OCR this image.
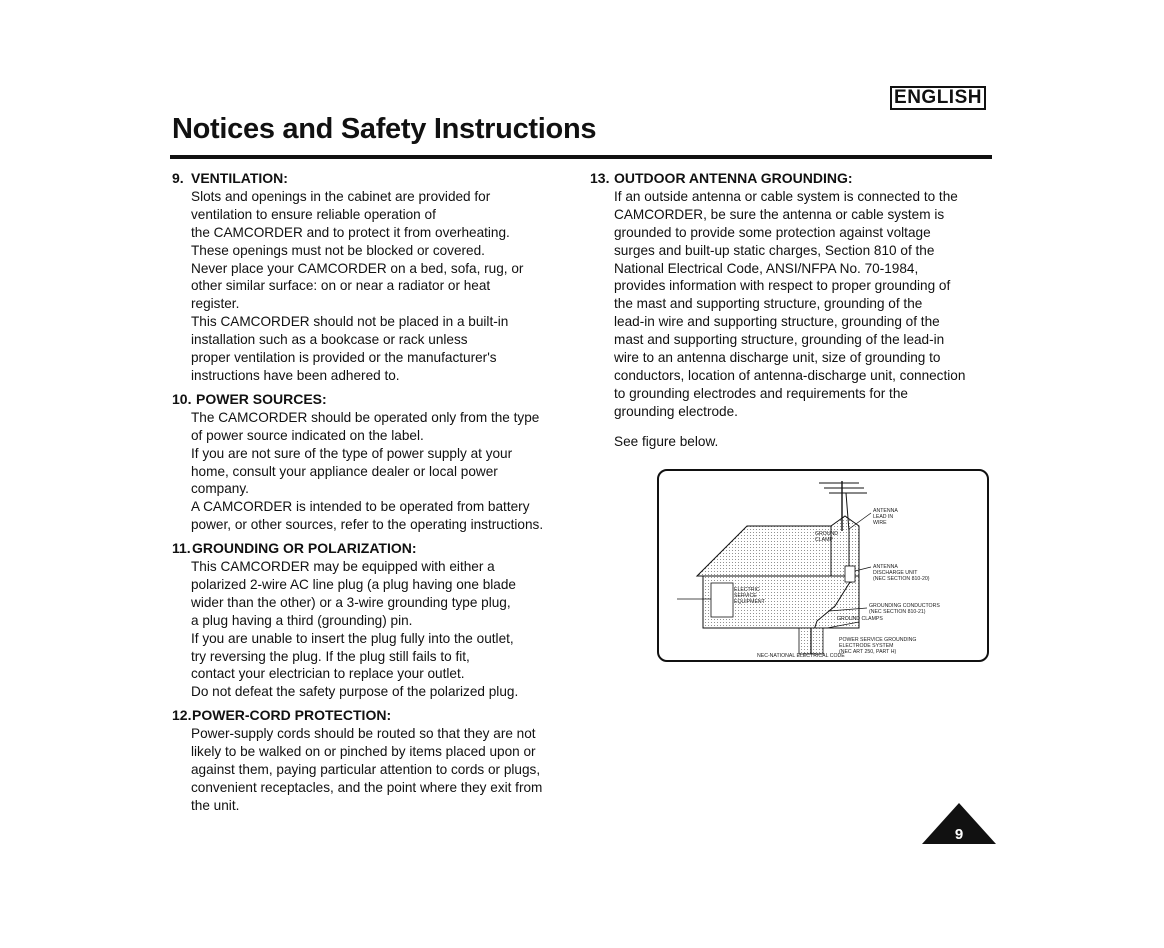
ENGLISH
Notices and Safety Instructions
9. VENTILATION:
Slots and openings in the cabinet are provided for
ventilation to ensure reliable operation of
the CAMCORDER and to protect it from overheating.
These openings must not be blocked or covered.
Never place your CAMCORDER on a bed, sofa, rug, or
other similar surface: on or near a radiator or heat
register.
This CAMCORDER should not be placed in a built-in
installation such as a bookcase or rack unless
proper ventilation is provided or the manufacturer's
instructions have been adhered to.
10. POWER SOURCES:
The CAMCORDER should be operated only from the type
of power source indicated on the label.
If you are not sure of the type of power supply at your
home, consult your appliance dealer or local power
company.
A CAMCORDER is intended to be operated from battery
power, or other sources, refer to the operating instructions.
11. GROUNDING OR POLARIZATION:
This CAMCORDER may be equipped with either a
polarized 2-wire AC line plug (a plug having one blade
wider than the other) or a 3-wire grounding type plug,
a plug having a third (grounding) pin.
If you are unable to insert the plug fully into the outlet,
try reversing the plug. If the plug still fails to fit,
contact your electrician to replace your outlet.
Do not defeat the safety purpose of the polarized plug.
12. POWER-CORD PROTECTION:
Power-supply cords should be routed so that they are not
likely to be walked on or pinched by items placed upon or
against them, paying particular attention to cords or plugs,
convenient receptacles, and the point where they exit from
the unit.
13. OUTDOOR ANTENNA GROUNDING:
If an outside antenna or cable system is connected to the
CAMCORDER, be sure the antenna or cable system is
grounded to provide some protection against voltage
surges and built-up static charges, Section 810 of the
National Electrical Code, ANSI/NFPA No. 70-1984,
provides information with respect to proper grounding of
the mast and supporting structure, grounding of the
lead-in wire and supporting structure, grounding of the
mast and supporting structure, grounding of the lead-in
wire to an antenna discharge unit, size of grounding to
conductors, location of antenna-discharge unit, connection
to grounding electrodes and requirements for the
grounding electrode.
See figure below.
ANTENNA LEAD IN WIRE
GROUND CLAMP
ANTENNA DISCHARGE UNIT (NEC SECTION 810-20)
ELECTRIC SERVICE EQUIPMENT
GROUNDING CONDUCTORS (NEC SECTION 810-21)
GROUND CLAMPS
POWER SERVICE GROUNDING ELECTRODE SYSTEM (NEC ART 250, PART H)
NEC-NATIONAL ELECTRICAL CODE
9
